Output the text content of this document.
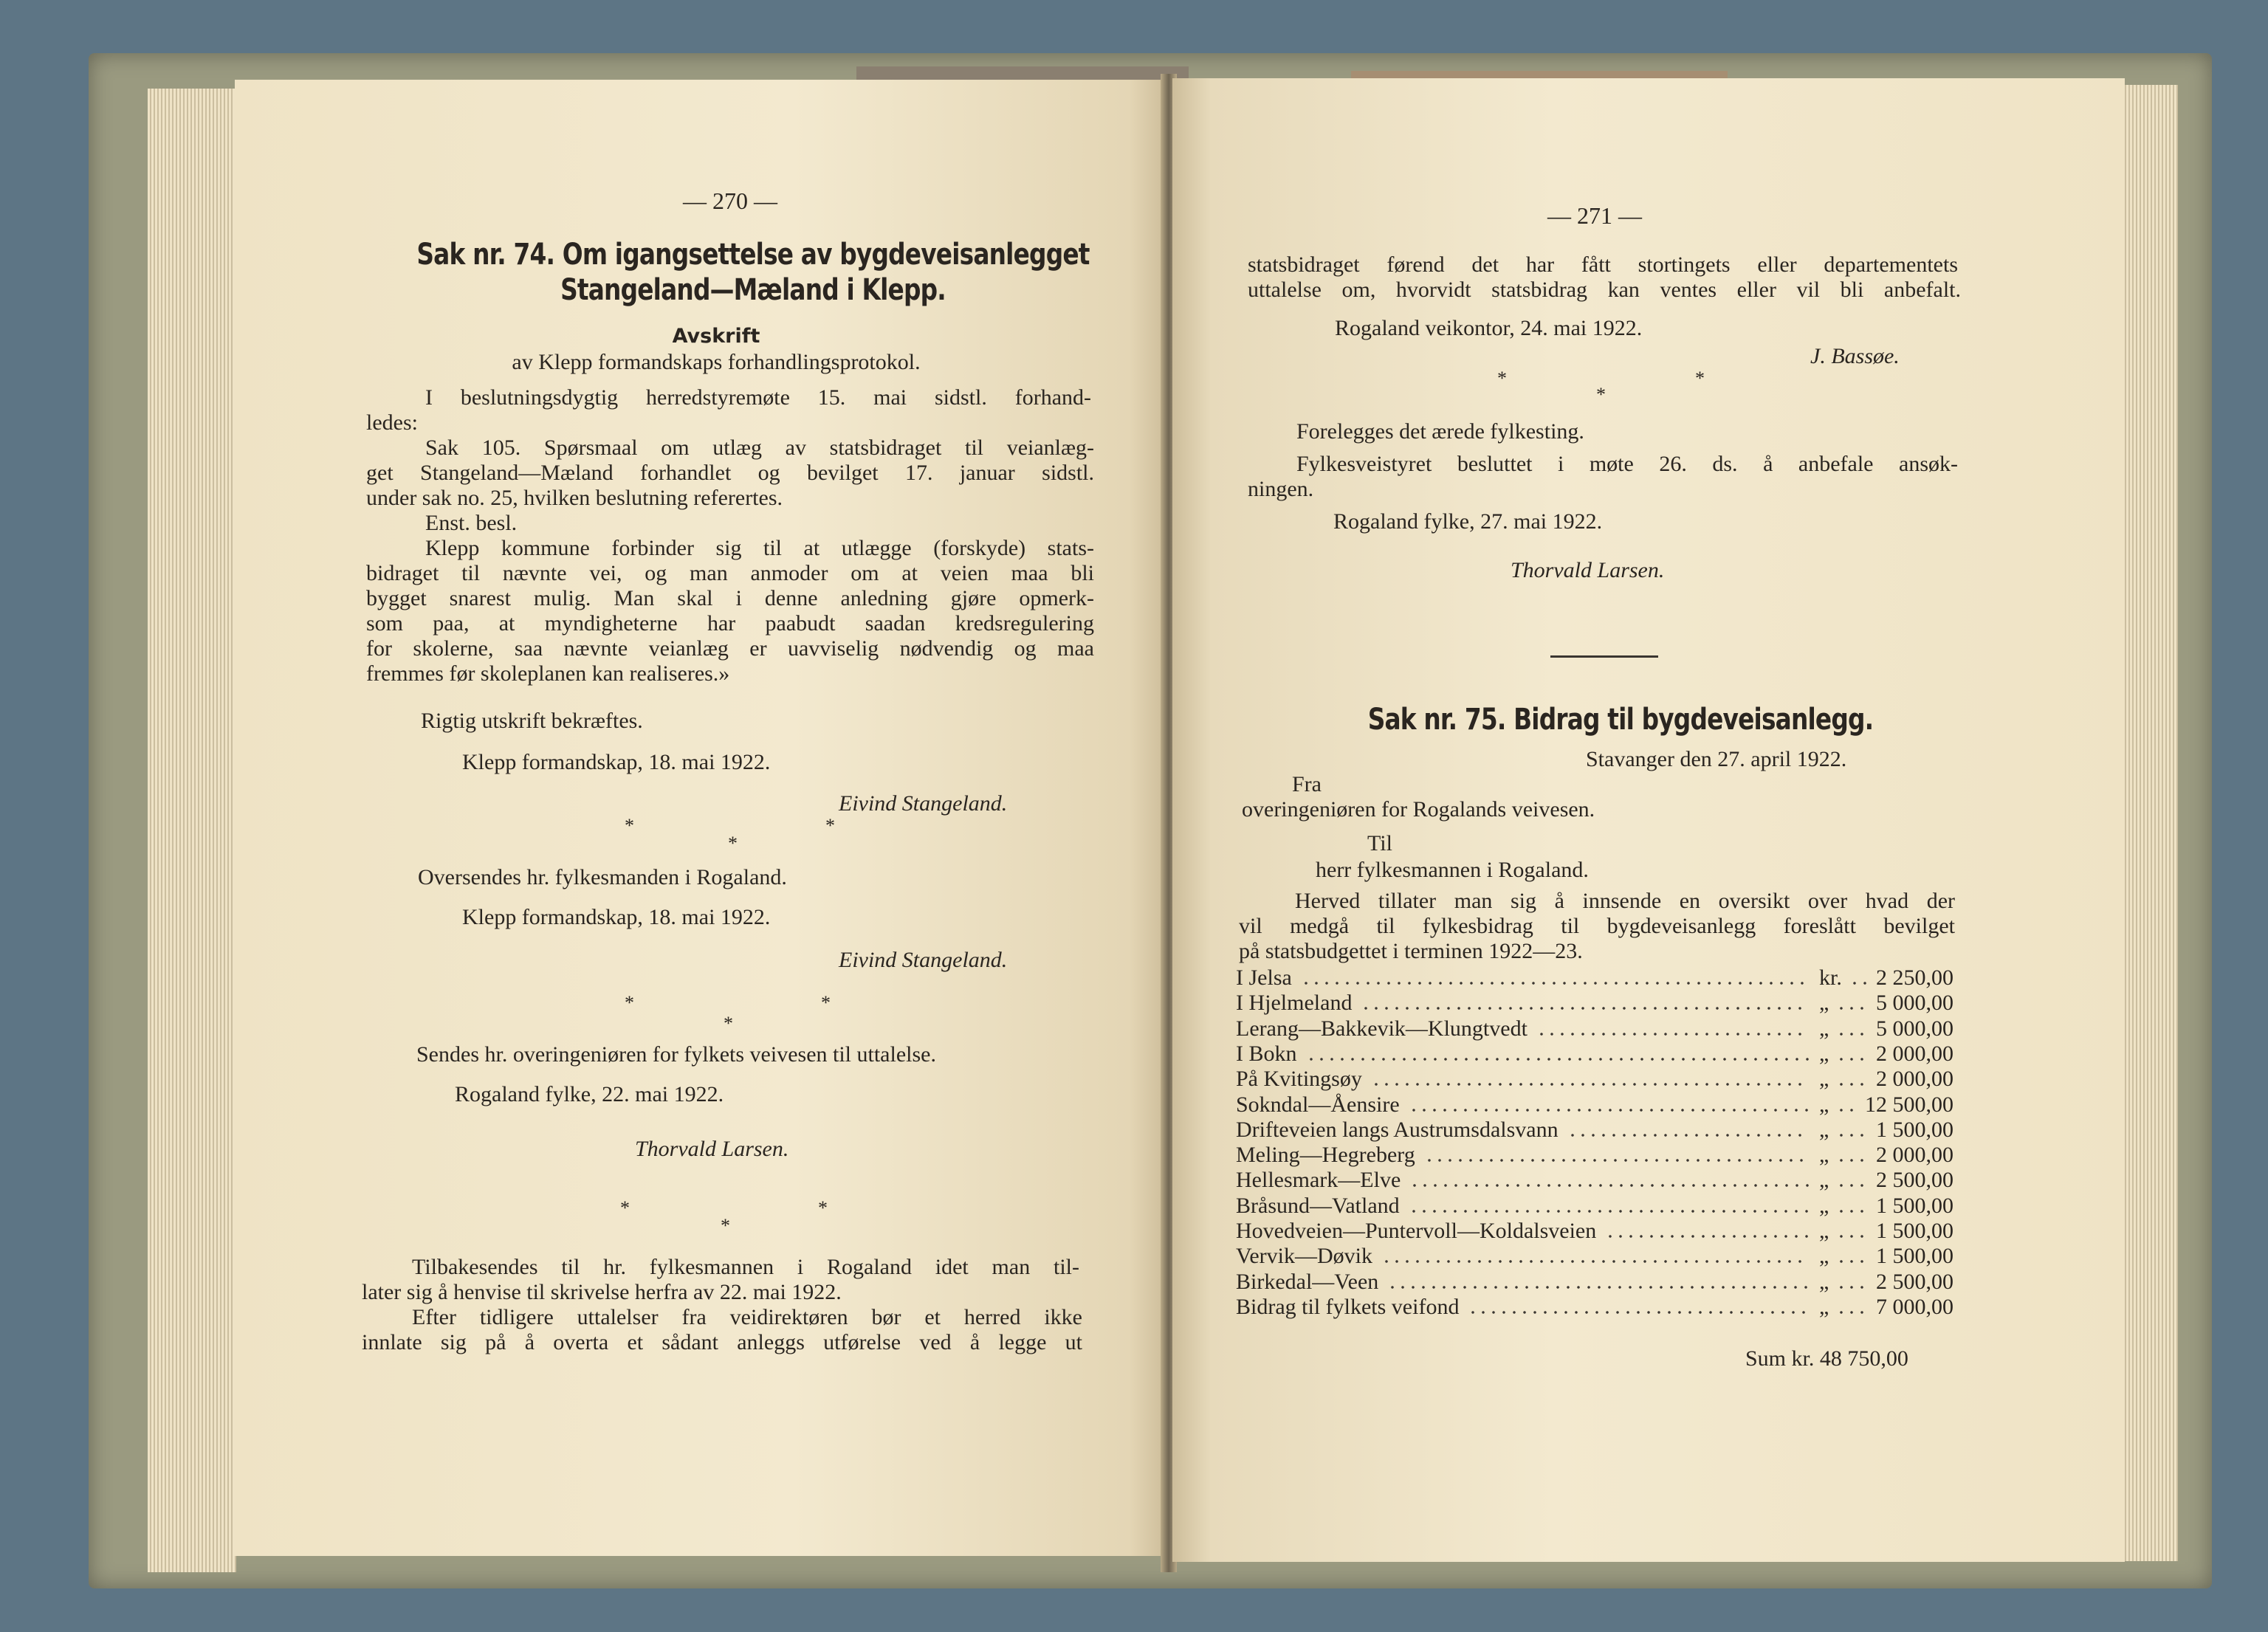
— 270 —
Sak nr. 74. Om igangsettelse av bygdeveisanlegget
Stangeland—Mæland i Klepp.
Avskrift
av Klepp formandskaps forhandlingsprotokol.
I beslutningsdygtig herredstyremøte 15. mai sidstl. forhand-
ledes:
Sak 105. Spørsmaal om utlæg av statsbidraget til veianlæg-
get Stangeland—Mæland forhandlet og bevilget 17. januar sidstl.
under sak no. 25, hvilken beslutning referertes.
Enst. besl.
Klepp kommune forbinder sig til at utlægge (forskyde) stats-
bidraget til nævnte vei, og man anmoder om at veien maa bli
bygget snarest mulig. Man skal i denne anledning gjøre opmerk-
som paa, at myndigheterne har paabudt saadan kredsregulering
for skolerne, saa nævnte veianlæg er uavviselig nødvendig og maa
fremmes før skoleplanen kan realiseres.»
Rigtig utskrift bekræftes.
Klepp formandskap, 18. mai 1922.
Eivind Stangeland.
*	*
*
Oversendes hr. fylkesmanden i Rogaland.
Klepp formandskap, 18. mai 1922.
Eivind Stangeland.
*	*
*
Sendes hr. overingeniøren for fylkets veivesen til uttalelse.
Rogaland fylke, 22. mai 1922.
Thorvald Larsen.
*	*
*
Tilbakesendes til hr. fylkesmannen i Rogaland idet man til-
later sig å henvise til skrivelse herfra av 22. mai 1922.
Efter tidligere uttalelser fra veidirektøren bør et herred ikke
innlate sig på å overta et sådant anleggs utførelse ved å legge ut
— 271 —
statsbidraget førend det har fått stortingets eller departementets
uttalelse om, hvorvidt statsbidrag kan ventes eller vil bli anbefalt.
Rogaland veikontor, 24. mai 1922.
J. Bassøe.
*	*
*
Forelegges det ærede fylkesting.
Fylkesveistyret besluttet i møte 26. ds. å anbefale ansøk-
ningen.
Rogaland fylke, 27. mai 1922.
Thorvald Larsen.
Sak nr. 75. Bidrag til bygdeveisanlegg.
Stavanger den 27. april 1922.
Fra
overingeniøren for Rogalands veivesen.
Til
herr fylkesmannen i Rogaland.
Herved tillater man sig å innsende en oversikt over hvad der
vil medgå til fylkesbidrag til bygdeveisanlegg foreslått bevilget
på statsbudgettet i terminen 1922—23.
I Jelsa	kr. 2 250,00
I Hjelmeland	„ 5 000,00
Lerang—Bakkevik—Klungtvedt	„ 5 000,00
I Bokn	„ 2 000,00
På Kvitingsøy	„ 2 000,00
Sokndal—Åensire	„ 12 500,00
Drifteveien langs Austrumsdalsvann	„ 1 500,00
Meling—Hegreberg	„ 2 000,00
Hellesmark—Elve	„ 2 500,00
Bråsund—Vatland	„ 1 500,00
Hovedveien—Puntervoll—Koldalsveien	„ 1 500,00
Vervik—Døvik	„ 1 500,00
Birkedal—Veen	„ 2 500,00
Bidrag til fylkets veifond	„ 7 000,00
Sum kr. 48 750,00
